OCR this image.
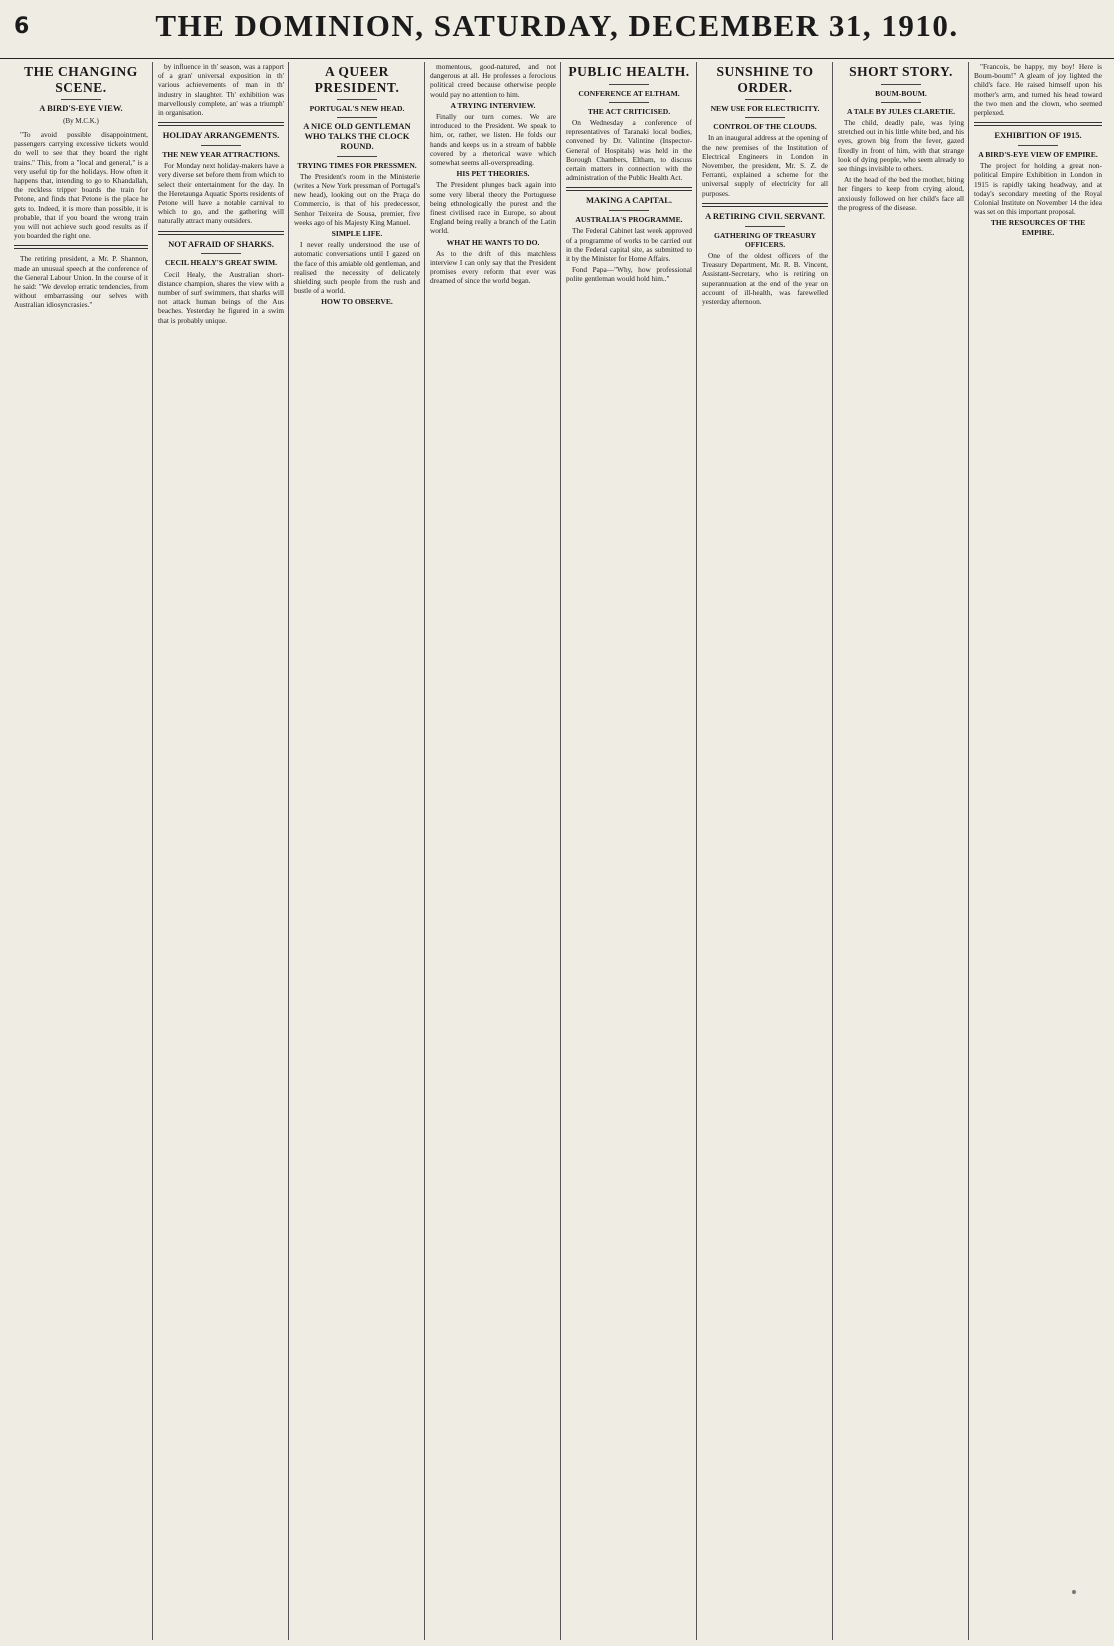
6	THE DOMINION, SATURDAY, DECEMBER 31, 1910.
THE CHANGING SCENE.
A BIRD'S-EYE VIEW.
(By M.C.K.)

"To avoid possible disappointment, passengers carrying excessive tickets would do well to see that they board the right trains." This, from a "local and general," is a very useful tip for the holidays. How often it happens that, intending to go to Khandallah, the reckless tripper boards the train for Petone, and finds that Petone is the place he gets to. Indeed, it is more than possible, it is probable, that if you board the wrong train you will not achieve such good results as if you boarded the right one.

The retiring president, a Mr. P. Shannon, made an unusual speech at the conference of the General Labour Union. In the course of it he said: "We develop erratic tendencies, from without embarrassing our selves with Australian idiosyncrasies."

by influence in th' season, was a rapport of a gran' universal exposition in th' various achievements of man in th' industry in slaughter. Th' exhibition was marvellously complete, an' was a triumph' in organisation.

HOLIDAY ARRANGEMENTS.
THE NEW YEAR ATTRACTIONS.

For Monday next holiday-makers have a very diverse set before them from which to select their entertainment for the day. In the Heretaunga Aquatic Sports residents of Petone will have a notable carnival to which to go, and the gathering will naturally attract many outsiders.

NOT AFRAID OF SHARKS.
CECIL HEALY'S GREAT SWIM.

Cecil Healy, the Australian short-distance champion, shares the view with a number of surf swimmers, that sharks will not attack human beings of the Aus beaches. Yesterday he figured in a swim that is probably unique.

A QUEER PRESIDENT.
PORTUGAL'S NEW HEAD.
A NICE OLD GENTLEMAN WHO TALKS THE CLOCK ROUND.
TRYING TIMES FOR PRESSMEN.

The President's room in the Ministerie (writes a New York pressman of Portugal's new head), looking out on the Praça do Commercio, is that of his predecessor, Senhor Teixeira de Sousa, premier, five weeks ago of his Majesty King Manuel.

SIMPLE LIFE.

I never really understood the use of automatic conversations until I gazed on the face of this amiable old gentleman, and realised the necessity of delicately shielding such people from the rush and bustle of a world.

HOW TO OBSERVE.

momentous, good-natured, and not dangerous at all. He professes a ferocious political creed because otherwise people would pay no attention to him.

A TRYING INTERVIEW.

Finally our turn comes. We are introduced to the President. We speak to him, or, rather, we listen. He folds our hands and keeps us in a stream of babble covered by a rhetorical wave which somewhat seems all-overspreading.

HIS PET THEORIES.

The President plunges back again into some very liberal theory the Portuguese being ethnologically the purest and the finest civilised race in Europe, so about England being really a branch of the Latin world.

WHAT HE WANTS TO DO.

As to the drift of this matchless interview I can only say that the President promises every reform that ever was dreamed of since the world began.

PUBLIC HEALTH.
CONFERENCE AT ELTHAM.
THE ACT CRITICISED.

On Wednesday a conference of representatives of Taranaki local bodies, convened by Dr. Valintine (Inspector-General of Hospitals) was held in the Borough Chambers, Eltham, to discuss certain matters in connection with the administration of the Public Health Act.

MAKING A CAPITAL.
AUSTRALIA'S PROGRAMME.

The Federal Cabinet last week approved of a programme of works to be carried out in the Federal capital site, as submitted to it by the Minister for Home Affairs.

Fond Papa—"Why, how professional polite gentleman would hold him.."

SUNSHINE TO ORDER.
NEW USE FOR ELECTRICITY.
CONTROL OF THE CLOUDS.

In an inaugural address at the opening of the new premises of the Institution of Electrical Engineers in London in November, the president, Mr. S. Z. de Ferranti, explained a scheme for the universal supply of electricity for all purposes.

A RETIRING CIVIL SERVANT.
GATHERING OF TREASURY OFFICERS.

One of the oldest officers of the Treasury Department, Mr. R. B. Vincent, Assistant-Secretary, who is retiring on superannuation at the end of the year on account of ill-health, was farewelled yesterday afternoon.

SHORT STORY.
BOUM-BOUM.
A TALE BY JULES CLARETIE.

The child, deadly pale, was lying stretched out in his little white bed, and his eyes, grown big from the fever, gazed fixedly in front of him, with that strange look of dying people, who seem already to see things invisible to others.

At the head of the bed the mother, biting her fingers to keep from crying aloud, anxiously followed on her child's face all the progress of the disease.

"Francois, be happy, my boy! Here is Boum-boum!" A gleam of joy lighted the child's face. He raised himself upon his mother's arm, and turned his head toward the two men and the clown, who seemed perplexed.

EXHIBITION OF 1915.
A BIRD'S-EYE VIEW OF EMPIRE.

The project for holding a great non-political Empire Exhibition in London in 1915 is rapidly taking headway, and at today's secondary meeting of the Royal Colonial Institute on November 14 the idea was set on this important proposal.

THE RESOURCES OF THE EMPIRE.
